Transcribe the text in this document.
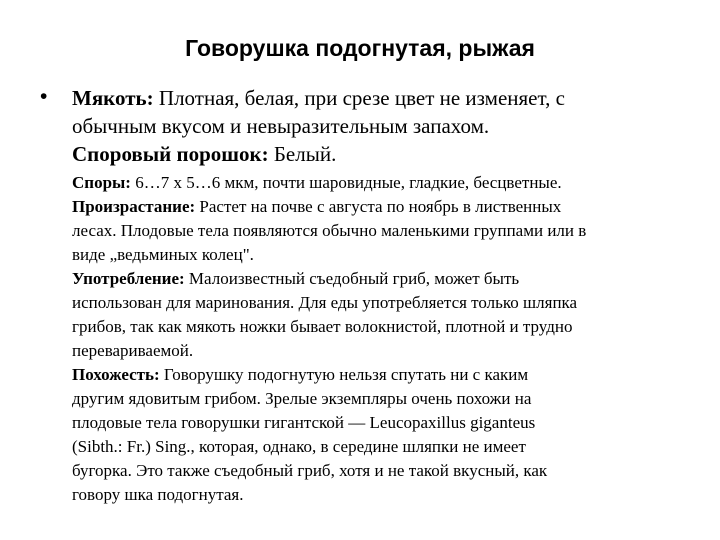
Говорушка подогнутая, рыжая
• Мякоть: Плотная, белая, при срезе цвет не изменяет, с
обычным вкусом и невыразительным запахом.
Споровый порошок: Белый.

Споры: 6…7 х 5…6 мкм, почти шаровидные, гладкие, бесцветные.

Произрастание: Растет на почве с августа по ноябрь в лиственных
лесах. Плодовые тела появляются обычно маленькими группами или в
виде „ведьминых колец".

Употребление: Малоизвестный съедобный гриб, может быть
использован для маринования. Для еды употребляется только шляпка
грибов, так как мякоть ножки бывает волокнистой, плотной и трудно
перевариваемой.

Похожесть: Говорушку подогнутую нельзя спутать ни с каким
другим ядовитым грибом. Зрелые экземпляры очень похожи на
плодовые тела говорушки гигантской — Leucopaxillus giganteus
(Sibth.: Fr.) Sing., которая, однако, в середине шляпки не имеет
бугорка. Это также съедобный гриб, хотя и не такой вкусный, как
говору шка подогнутая.
